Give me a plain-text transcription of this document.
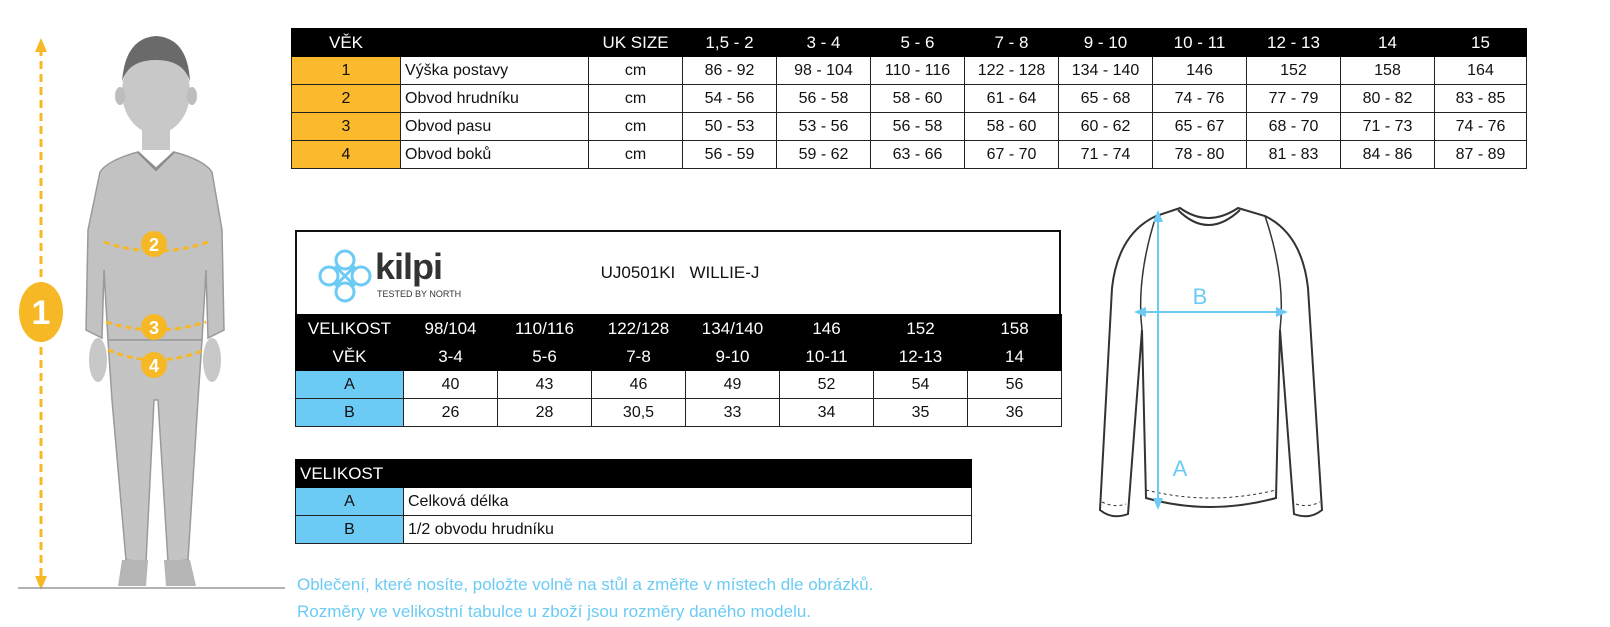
1
2
3
4
VĚK		UK SIZE	1,5 - 2	3 - 4	5 - 6	7 - 8	9 - 10	10 - 11	12 - 13	14	15
1	Výška postavy	cm	86 - 92	98 - 104	110 - 116	122 - 128	134 - 140	146	152	158	164
2	Obvod hrudníku	cm	54 - 56	56 - 58	58 - 60	61 - 64	65 - 68	74 - 76	77 - 79	80 - 82	83 - 85
3	Obvod pasu	cm	50 - 53	53 - 56	56 - 58	58 - 60	60 - 62	65 - 67	68 - 70	71 - 73	74 - 76
4	Obvod boků	cm	56 - 59	59 - 62	63 - 66	67 - 70	71 - 74	78 - 80	81 - 83	84 - 86	87 - 89
kilpi
TESTED BY NORTH
UJ0501KI   WILLIE-J
VELIKOST	98/104	110/116	122/128	134/140	146	152	158
VĚK	3-4	5-6	7-8	9-10	10-11	12-13	14
A	40	43	46	49	52	54	56
B	26	28	30,5	33	34	35	36
VELIKOST	
A	Celková délka
B	1/2 obvodu hrudníku
B
A
Oblečení, které nosíte, položte volně na stůl a změřte v místech dle obrázků.
Rozměry ve velikostní tabulce u zboží jsou rozměry daného modelu.
